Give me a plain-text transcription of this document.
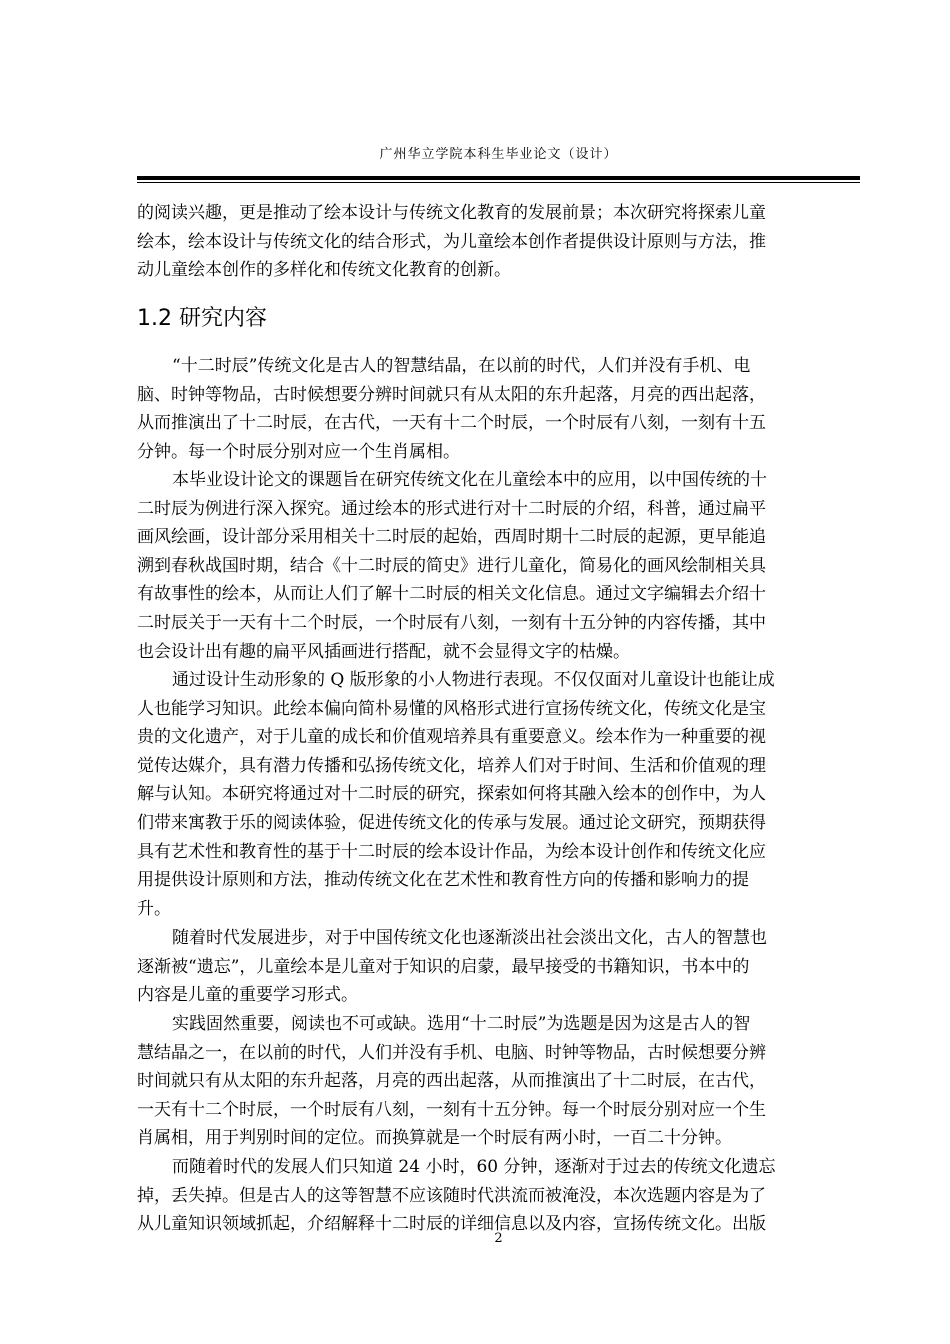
广州华立学院本科生毕业论文（设计）

的阅读兴趣，更是推动了绘本设计与传统文化教育的发展前景；本次研究将探索儿童
绘本，绘本设计与传统文化的结合形式，为儿童绘本创作者提供设计原则与方法，推
动儿童绘本创作的多样化和传统文化教育的创新。

1.2 研究内容

“十二时辰”传统文化是古人的智慧结晶，在以前的时代，人们并没有手机、电
脑、时钟等物品，古时候想要分辨时间就只有从太阳的东升起落，月亮的西出起落，
从而推演出了十二时辰，在古代，一天有十二个时辰，一个时辰有八刻，一刻有十五
分钟。每一个时辰分别对应一个生肖属相。

本毕业设计论文的课题旨在研究传统文化在儿童绘本中的应用，以中国传统的十
二时辰为例进行深入探究。通过绘本的形式进行对十二时辰的介绍，科普，通过扁平
画风绘画，设计部分采用相关十二时辰的起始，西周时期十二时辰的起源，更早能追
溯到春秋战国时期，结合《十二时辰的简史》进行儿童化，简易化的画风绘制相关具
有故事性的绘本，从而让人们了解十二时辰的相关文化信息。通过文字编辑去介绍十
二时辰关于一天有十二个时辰，一个时辰有八刻，一刻有十五分钟的内容传播，其中
也会设计出有趣的扁平风插画进行搭配，就不会显得文字的枯燥。

通过设计生动形象的 Q 版形象的小人物进行表现。不仅仅面对儿童设计也能让成
人也能学习知识。此绘本偏向简朴易懂的风格形式进行宣扬传统文化，传统文化是宝
贵的文化遗产，对于儿童的成长和价值观培养具有重要意义。绘本作为一种重要的视
觉传达媒介，具有潜力传播和弘扬传统文化，培养人们对于时间、生活和价值观的理
解与认知。本研究将通过对十二时辰的研究，探索如何将其融入绘本的创作中，为人
们带来寓教于乐的阅读体验，促进传统文化的传承与发展。通过论文研究，预期获得
具有艺术性和教育性的基于十二时辰的绘本设计作品，为绘本设计创作和传统文化应
用提供设计原则和方法，推动传统文化在艺术性和教育性方向的传播和影响力的提
升。

随着时代发展进步，对于中国传统文化也逐渐淡出社会淡出文化，古人的智慧也
逐渐被“遗忘”，儿童绘本是儿童对于知识的启蒙，最早接受的书籍知识，书本中的
内容是儿童的重要学习形式。

实践固然重要，阅读也不可或缺。选用“十二时辰”为选题是因为这是古人的智
慧结晶之一，在以前的时代，人们并没有手机、电脑、时钟等物品，古时候想要分辨
时间就只有从太阳的东升起落，月亮的西出起落，从而推演出了十二时辰，在古代，
一天有十二个时辰，一个时辰有八刻，一刻有十五分钟。每一个时辰分别对应一个生
肖属相，用于判别时间的定位。而换算就是一个时辰有两小时，一百二十分钟。

而随着时代的发展人们只知道 24 小时，60 分钟，逐渐对于过去的传统文化遗忘
掉，丢失掉。但是古人的这等智慧不应该随时代洪流而被淹没，本次选题内容是为了
从儿童知识领域抓起，介绍解释十二时辰的详细信息以及内容，宣扬传统文化。出版

2
